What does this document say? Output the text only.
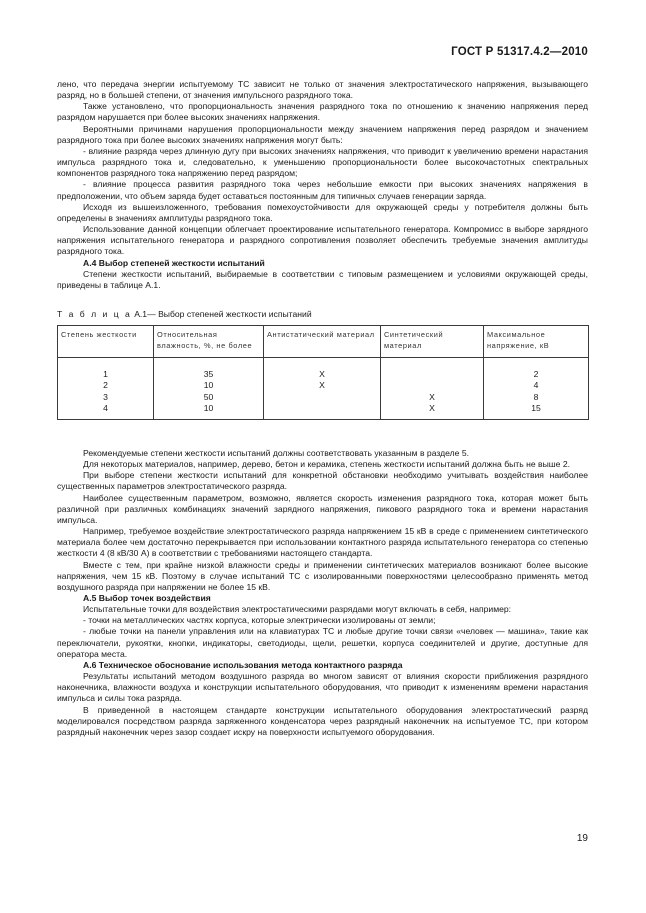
ГОСТ Р 51317.4.2—2010

лено, что передача энергии испытуемому ТС зависит не только от значения электростатического напряжения, вызывающего разряд, но в большей степени, от значения импульсного разрядного тока.

Также установлено, что пропорциональность значения разрядного тока по отношению к значению напряжения перед разрядом нарушается при более высоких значениях напряжения.

Вероятными причинами нарушения пропорциональности между значением напряжения перед разрядом и значением разрядного тока при более высоких значениях напряжения могут быть:

- влияние разряда через длинную дугу при высоких значениях напряжения, что приводит к увеличению времени нарастания импульса разрядного тока и, следовательно, к уменьшению пропорциональности более высокочастотных спектральных компонентов разрядного тока напряжению перед разрядом;

- влияние процесса развития разрядного тока через небольшие емкости при высоких значениях напряжения в предположении, что объем заряда будет оставаться постоянным для типичных случаев генерации заряда.

Исходя из вышеизложенного, требования помехоустойчивости для окружающей среды у потребителя должны быть определены в значениях амплитуды разрядного тока.

Использование данной концепции облегчает проектирование испытательного генератора. Компромисс в выборе зарядного напряжения испытательного генератора и разрядного сопротивления позволяет обеспечить требуемые значения амплитуды разрядного тока.

А.4 Выбор степеней жесткости испытаний

Степени жесткости испытаний, выбираемые в соответствии с типовым размещением и условиями окружающей среды, приведены в таблице А.1.

Т а б л и ц а А.1— Выбор степеней жесткости испытаний
Степень жесткости	Относительная влажность, %, не более	Антистатический материал	Синтетический материал	Максимальное напряжение, кВ
1	35	X		2
2	10	X		4
3	50		X	8
4	10		X	15

Рекомендуемые степени жесткости испытаний должны соответствовать указанным в разделе 5.

Для некоторых материалов, например, дерево, бетон и керамика, степень жесткости испытаний должна быть не выше 2.

При выборе степени жесткости испытаний для конкретной обстановки необходимо учитывать воздействия наиболее существенных параметров электростатического разряда.

Наиболее существенным параметром, возможно, является скорость изменения разрядного тока, которая может быть различной при различных комбинациях значений зарядного напряжения, пикового разрядного тока и времени нарастания импульса.

Например, требуемое воздействие электростатического разряда напряжением 15 кВ в среде с применением синтетического материала более чем достаточно перекрывается при использовании контактного разряда испытательного генератора со степенью жесткости 4 (8 кВ/30 А) в соответствии с требованиями настоящего стандарта.

Вместе с тем, при крайне низкой влажности среды и применении синтетических материалов возникают более высокие напряжения, чем 15 кВ. Поэтому в случае испытаний ТС с изолированными поверхностями целесообразно применять метод воздушного разряда при напряжении не более 15 кВ.

А.5 Выбор точек воздействия

Испытательные точки для воздействия электростатическими разрядами могут включать в себя, например:

- точки на металлических частях корпуса, которые электрически изолированы от земли;

- любые точки на панели управления или на клавиатурах ТС и любые другие точки связи «человек — машина», такие как переключатели, рукоятки, кнопки, индикаторы, светодиоды, щели, решетки, корпуса соединителей и другие, доступные для оператора места.

А.6 Техническое обоснование использования метода контактного разряда

Результаты испытаний методом воздушного разряда во многом зависят от влияния скорости приближения разрядного наконечника, влажности воздуха и конструкции испытательного оборудования, что приводит к изменениям времени нарастания импульса и силы тока разряда.

В приведенной в настоящем стандарте конструкции испытательного оборудования электростатический разряд моделировался посредством разряда заряженного конденсатора через разрядный наконечник на испытуемое ТС, при котором разрядный наконечник через зазор создает искру на поверхности испытуемого оборудования.

19
